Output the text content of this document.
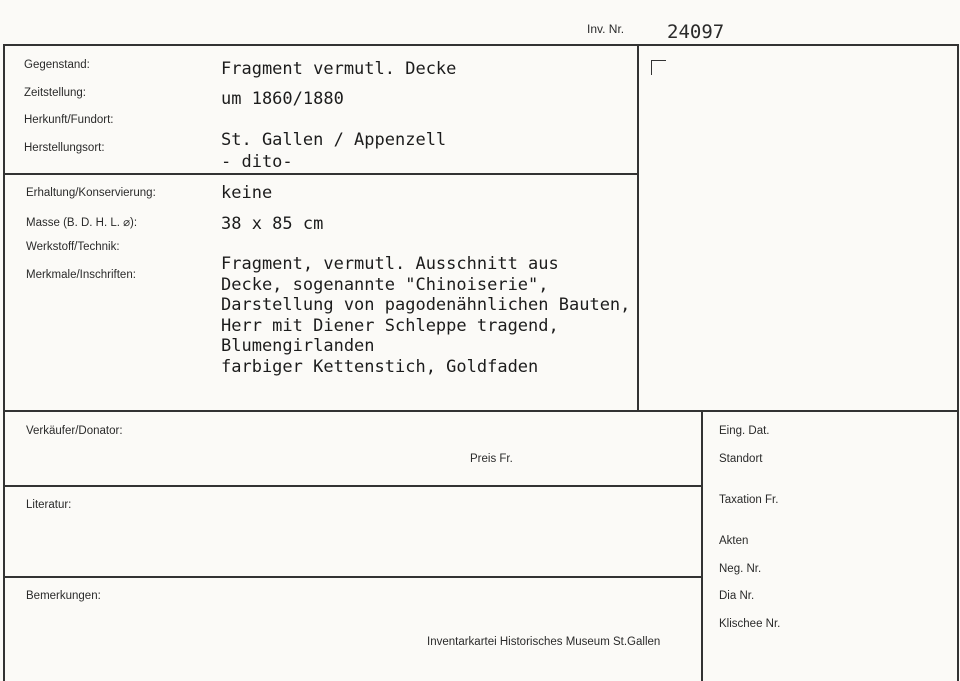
Inv. Nr. 24097
Gegenstand:
Zeitstellung:
Herkunft/Fundort:
Herstellungsort:
Fragment vermutl. Decke
um 1860/1880
St. Gallen / Appenzell
- dito-
Erhaltung/Konservierung:
Masse (B. D. H. L. ⌀):
Werkstoff/Technik:
Merkmale/Inschriften:
keine
38 x 85 cm
Fragment, vermutl. Ausschnitt aus
Decke, sogenannte "Chinoiserie",
Darstellung von pagodenähnlichen Bauten,
Herr mit Diener Schleppe tragend,
Blumengirlanden
farbiger Kettenstich, Goldfaden
Verkäufer/Donator:
Preis Fr.
Literatur:
Bemerkungen:
Inventarkartei Historisches Museum St.Gallen
Eing. Dat.
Standort
Taxation Fr.
Akten
Neg. Nr.
Dia Nr.
Klischee Nr.
